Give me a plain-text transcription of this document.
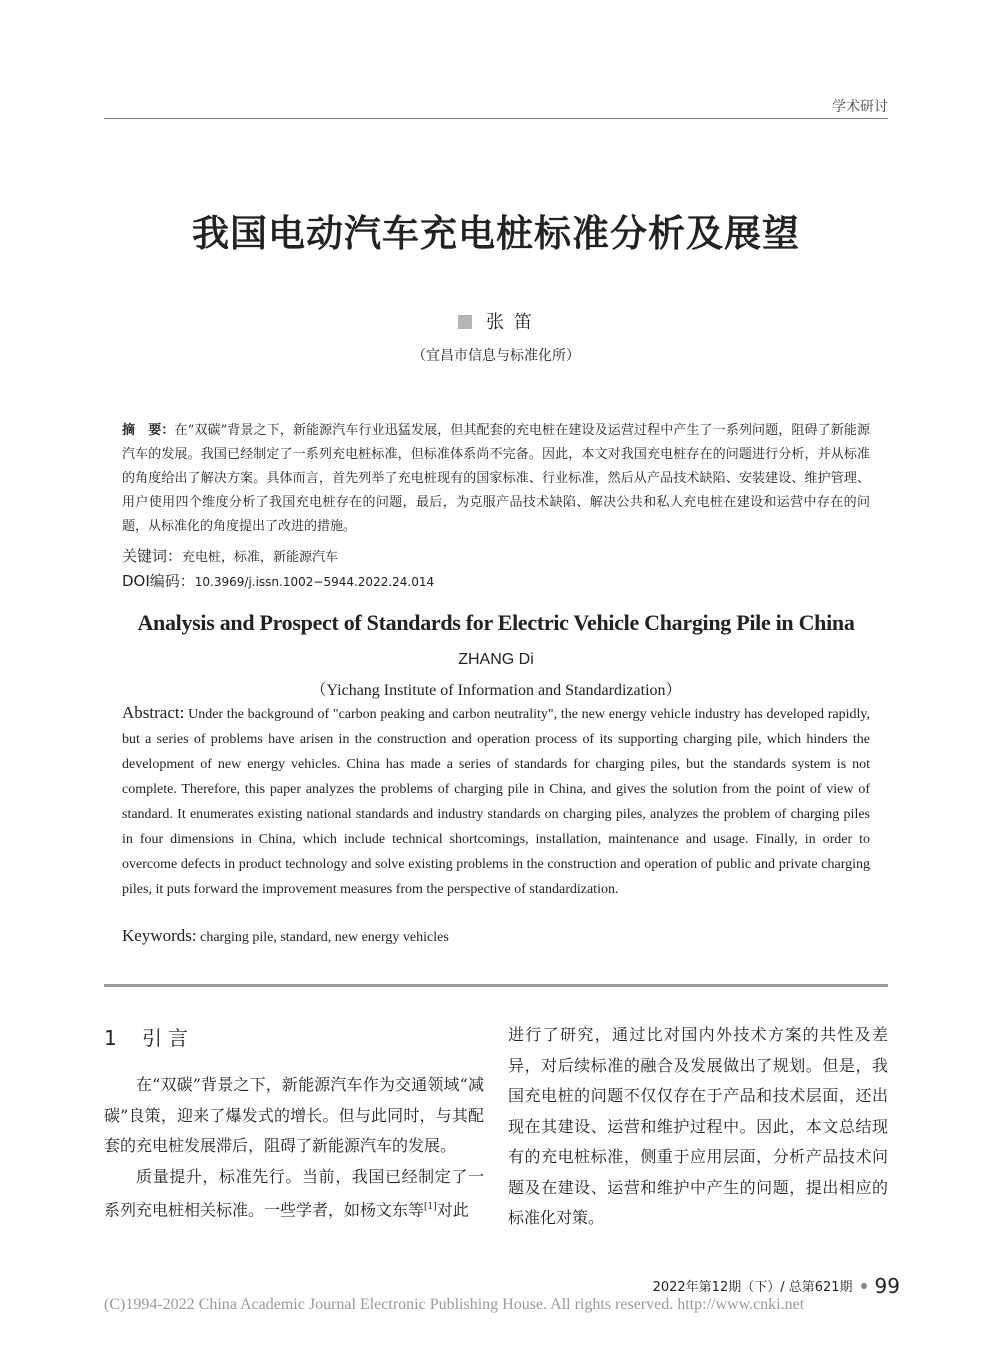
学术研讨
我国电动汽车充电桩标准分析及展望
张 笛
（宜昌市信息与标准化所）
摘　要：在“双碳”背景之下，新能源汽车行业迅猛发展，但其配套的充电桩在建设及运营过程中产生了一系列问题，阻碍了新能源汽车的发展。我国已经制定了一系列充电桩标准，但标准体系尚不完备。因此，本文对我国充电桩存在的问题进行分析，并从标准的角度给出了解决方案。具体而言，首先列举了充电桩现有的国家标准、行业标准，然后从产品技术缺陷、安装建设、维护管理、用户使用四个维度分析了我国充电桩存在的问题，最后，为克服产品技术缺陷、解决公共和私人充电桩在建设和运营中存在的问题，从标准化的角度提出了改进的措施。
关键词：充电桩，标准，新能源汽车
DOI编码：10.3969/j.issn.1002−5944.2022.24.014
Analysis and Prospect of Standards for Electric Vehicle Charging Pile in China
ZHANG Di
（Yichang Institute of Information and Standardization）
Abstract: Under the background of "carbon peaking and carbon neutrality", the new energy vehicle industry has developed rapidly, but a series of problems have arisen in the construction and operation process of its supporting charging pile, which hinders the development of new energy vehicles. China has made a series of standards for charging piles, but the standards system is not complete. Therefore, this paper analyzes the problems of charging pile in China, and gives the solution from the point of view of standard. It enumerates existing national standards and industry standards on charging piles, analyzes the problem of charging piles in four dimensions in China, which include technical shortcomings, installation, maintenance and usage. Finally, in order to overcome defects in product technology and solve existing problems in the construction and operation of public and private charging piles, it puts forward the improvement measures from the perspective of standardization.
Keywords: charging pile, standard, new energy vehicles
1 引言

在“双碳”背景之下，新能源汽车作为交通领域“减碳”良策，迎来了爆发式的增长。但与此同时，与其配套的充电桩发展滞后，阻碍了新能源汽车的发展。

质量提升，标准先行。当前，我国已经制定了一系列充电桩相关标准。一些学者，如杨文东等[1]对此

进行了研究，通过比对国内外技术方案的共性及差异，对后续标准的融合及发展做出了规划。但是，我国充电桩的问题不仅仅存在于产品和技术层面，还出现在其建设、运营和维护过程中。因此，本文总结现有的充电桩标准，侧重于应用层面，分析产品技术问题及在建设、运营和维护中产生的问题，提出相应的标准化对策。

2022年第12期（下）/ 总第621期 99
(C)1994-2022 China Academic Journal Electronic Publishing House. All rights reserved. http://www.cnki.net
